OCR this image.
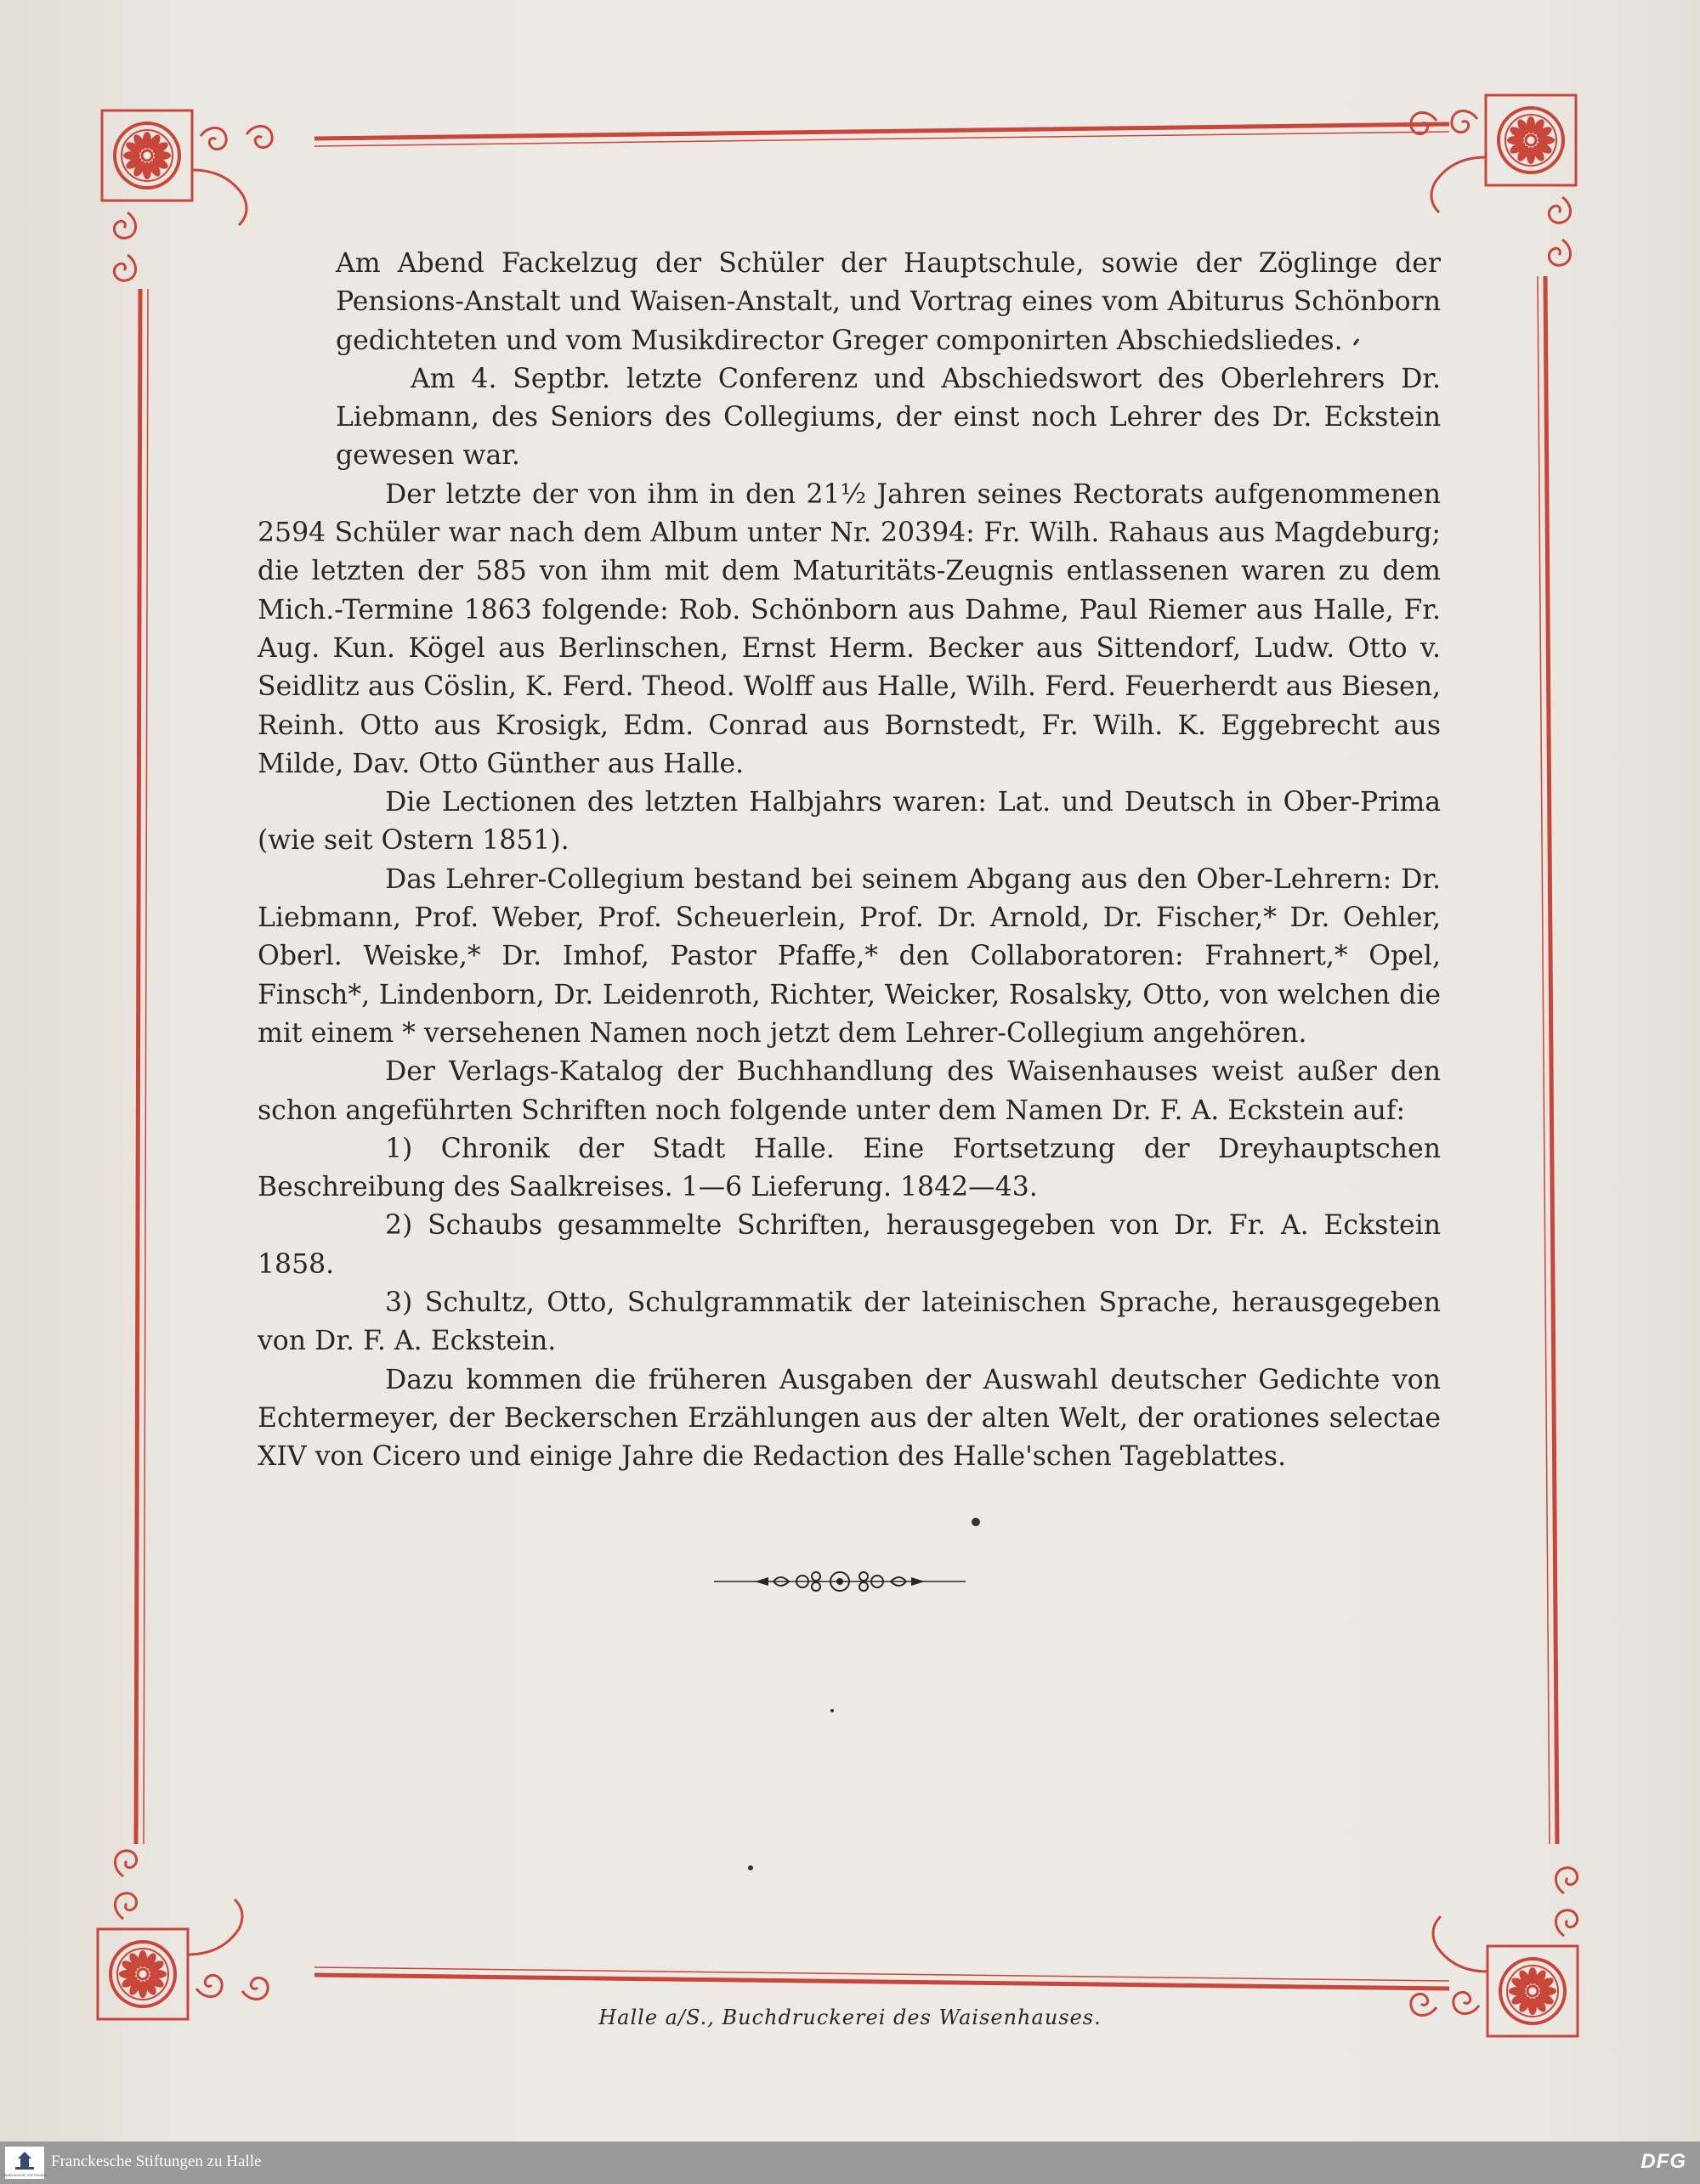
Am Abend Fackelzug der Schüler der Hauptschule, sowie der Zöglinge der Pensions-Anstalt und Waisen-Anstalt, und Vortrag eines vom Abiturus Schönborn gedichteten und vom Musikdirector Greger componirten Abschiedsliedes.

Am 4. Septbr. letzte Conferenz und Abschiedswort des Oberlehrers Dr. Liebmann, des Seniors des Collegiums, der einst noch Lehrer des Dr. Eckstein gewesen war.

Der letzte der von ihm in den 21½ Jahren seines Rectorats aufgenommenen 2594 Schüler war nach dem Album unter Nr. 20394: Fr. Wilh. Rahaus aus Magdeburg; die letzten der 585 von ihm mit dem Maturitäts-Zeugnis entlassenen waren zu dem Mich.-Termine 1863 folgende: Rob. Schönborn aus Dahme, Paul Riemer aus Halle, Fr. Aug. Kun. Kögel aus Berlinschen, Ernst Herm. Becker aus Sittendorf, Ludw. Otto v. Seidlitz aus Cöslin, K. Ferd. Theod. Wolff aus Halle, Wilh. Ferd. Feuerherdt aus Biesen, Reinh. Otto aus Krosigk, Edm. Conrad aus Bornstedt, Fr. Wilh. K. Eggebrecht aus Milde, Dav. Otto Günther aus Halle.

Die Lectionen des letzten Halbjahrs waren: Lat. und Deutsch in Ober-Prima (wie seit Ostern 1851).

Das Lehrer-Collegium bestand bei seinem Abgang aus den Ober-Lehrern: Dr. Liebmann, Prof. Weber, Prof. Scheuerlein, Prof. Dr. Arnold, Dr. Fischer,* Dr. Oehler, Oberl. Weiske,* Dr. Imhof, Pastor Pfaffe,* den Collaboratoren: Frahnert,* Opel, Finsch*, Lindenborn, Dr. Leidenroth, Richter, Weicker, Rosalsky, Otto, von welchen die mit einem * versehenen Namen noch jetzt dem Lehrer-Collegium angehören.

Der Verlags-Katalog der Buchhandlung des Waisenhauses weist außer den schon angeführten Schriften noch folgende unter dem Namen Dr. F. A. Eckstein auf:

1) Chronik der Stadt Halle. Eine Fortsetzung der Dreyhauptschen Beschreibung des Saalkreises. 1—6 Lieferung. 1842—43.

2) Schaubs gesammelte Schriften, herausgegeben von Dr. Fr. A. Eckstein 1858.

3) Schultz, Otto, Schulgrammatik der lateinischen Sprache, herausgegeben von Dr. F. A. Eckstein.

Dazu kommen die früheren Ausgaben der Auswahl deutscher Gedichte von Echtermeyer, der Beckerschen Erzählungen aus der alten Welt, der orationes selectae XIV von Cicero und einige Jahre die Redaction des Halle'schen Tageblattes.

Halle a/S., Buchdruckerei des Waisenhauses.
FRANCKESCHE STIFTUNGEN
Franckesche Stiftungen zu Halle	DFG
